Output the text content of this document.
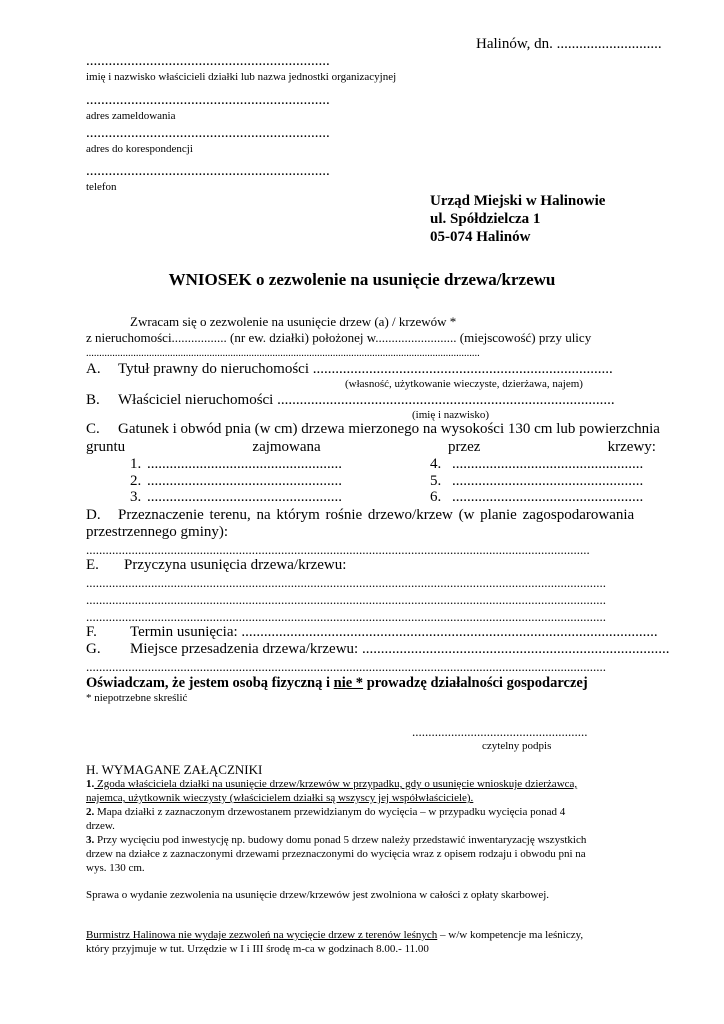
Halinów, dn. ............................
.................................................................
imię i nazwisko właścicieli działki lub nazwa jednostki organizacyjnej
.................................................................
adres zameldowania
.................................................................
adres do korespondencji
.................................................................
telefon
Urząd Miejski w Halinowie
ul. Spółdzielcza 1
05-074 Halinów
WNIOSEK o zezwolenie na usunięcie drzewa/krzewu
Zwracam się o zezwolenie na usunięcie drzew (a) / krzewów *
z nieruchomości................. (nr ew. działki) położonej w......................... (miejscowość) przy ulicy
......................................................................................................................................................
A. Tytuł prawny do nieruchomości ................................................................................
(własność, użytkowanie wieczyste, dzierżawa, najem)
B. Właściciel nieruchomości ..........................................................................................
(imię i nazwisko)
C. Gatunek i obwód pnia (w cm) drzewa mierzonego na wysokości 130 cm lub powierzchnia
gruntu	zajmowana	przez	krzewy:
1. ....................................................	4. ...................................................
2. ....................................................	5. ...................................................
3. ....................................................	6. ...................................................
D. Przeznaczenie terenu, na którym rośnie drzewo/krzew (w planie zagospodarowania
przestrzennego gminy):
...........................................................................................................................................................
E. Przyczyna usunięcia drzewa/krzewu:
................................................................................................................................................................
................................................................................................................................................................
................................................................................................................................................................
F. Termin usunięcia: ...............................................................................................................
G. Miejsce przesadzenia drzewa/krzewu: ..................................................................................
................................................................................................................................................................
Oświadczam, że jestem osobą fizyczną i nie * prowadzę działalności gospodarczej
* niepotrzebne skreślić
......................................................
czytelny podpis
H. WYMAGANE ZAŁĄCZNIKI
1. Zgoda właściciela działki na usunięcie drzew/krzewów w przypadku, gdy o usunięcie wnioskuje dzierżawca,
najemca, użytkownik wieczysty (właścicielem działki są wszyscy jej współwłaściciele).
2. Mapa działki z zaznaczonym drzewostanem przewidzianym do wycięcia – w przypadku wycięcia ponad 4
drzew.
3. Przy wycięciu pod inwestycję np. budowy domu ponad 5 drzew należy przedstawić inwentaryzację wszystkich
drzew na działce z zaznaczonymi drzewami przeznaczonymi do wycięcia wraz z opisem rodzaju i obwodu pni na
wys. 130 cm.
Sprawa o wydanie zezwolenia na usunięcie drzew/krzewów jest zwolniona w całości z opłaty skarbowej.
Burmistrz Halinowa nie wydaje zezwoleń na wycięcie drzew z terenów leśnych – w/w kompetencje ma leśniczy,
który przyjmuje w tut. Urzędzie w I i III środę m-ca w godzinach 8.00.- 11.00
